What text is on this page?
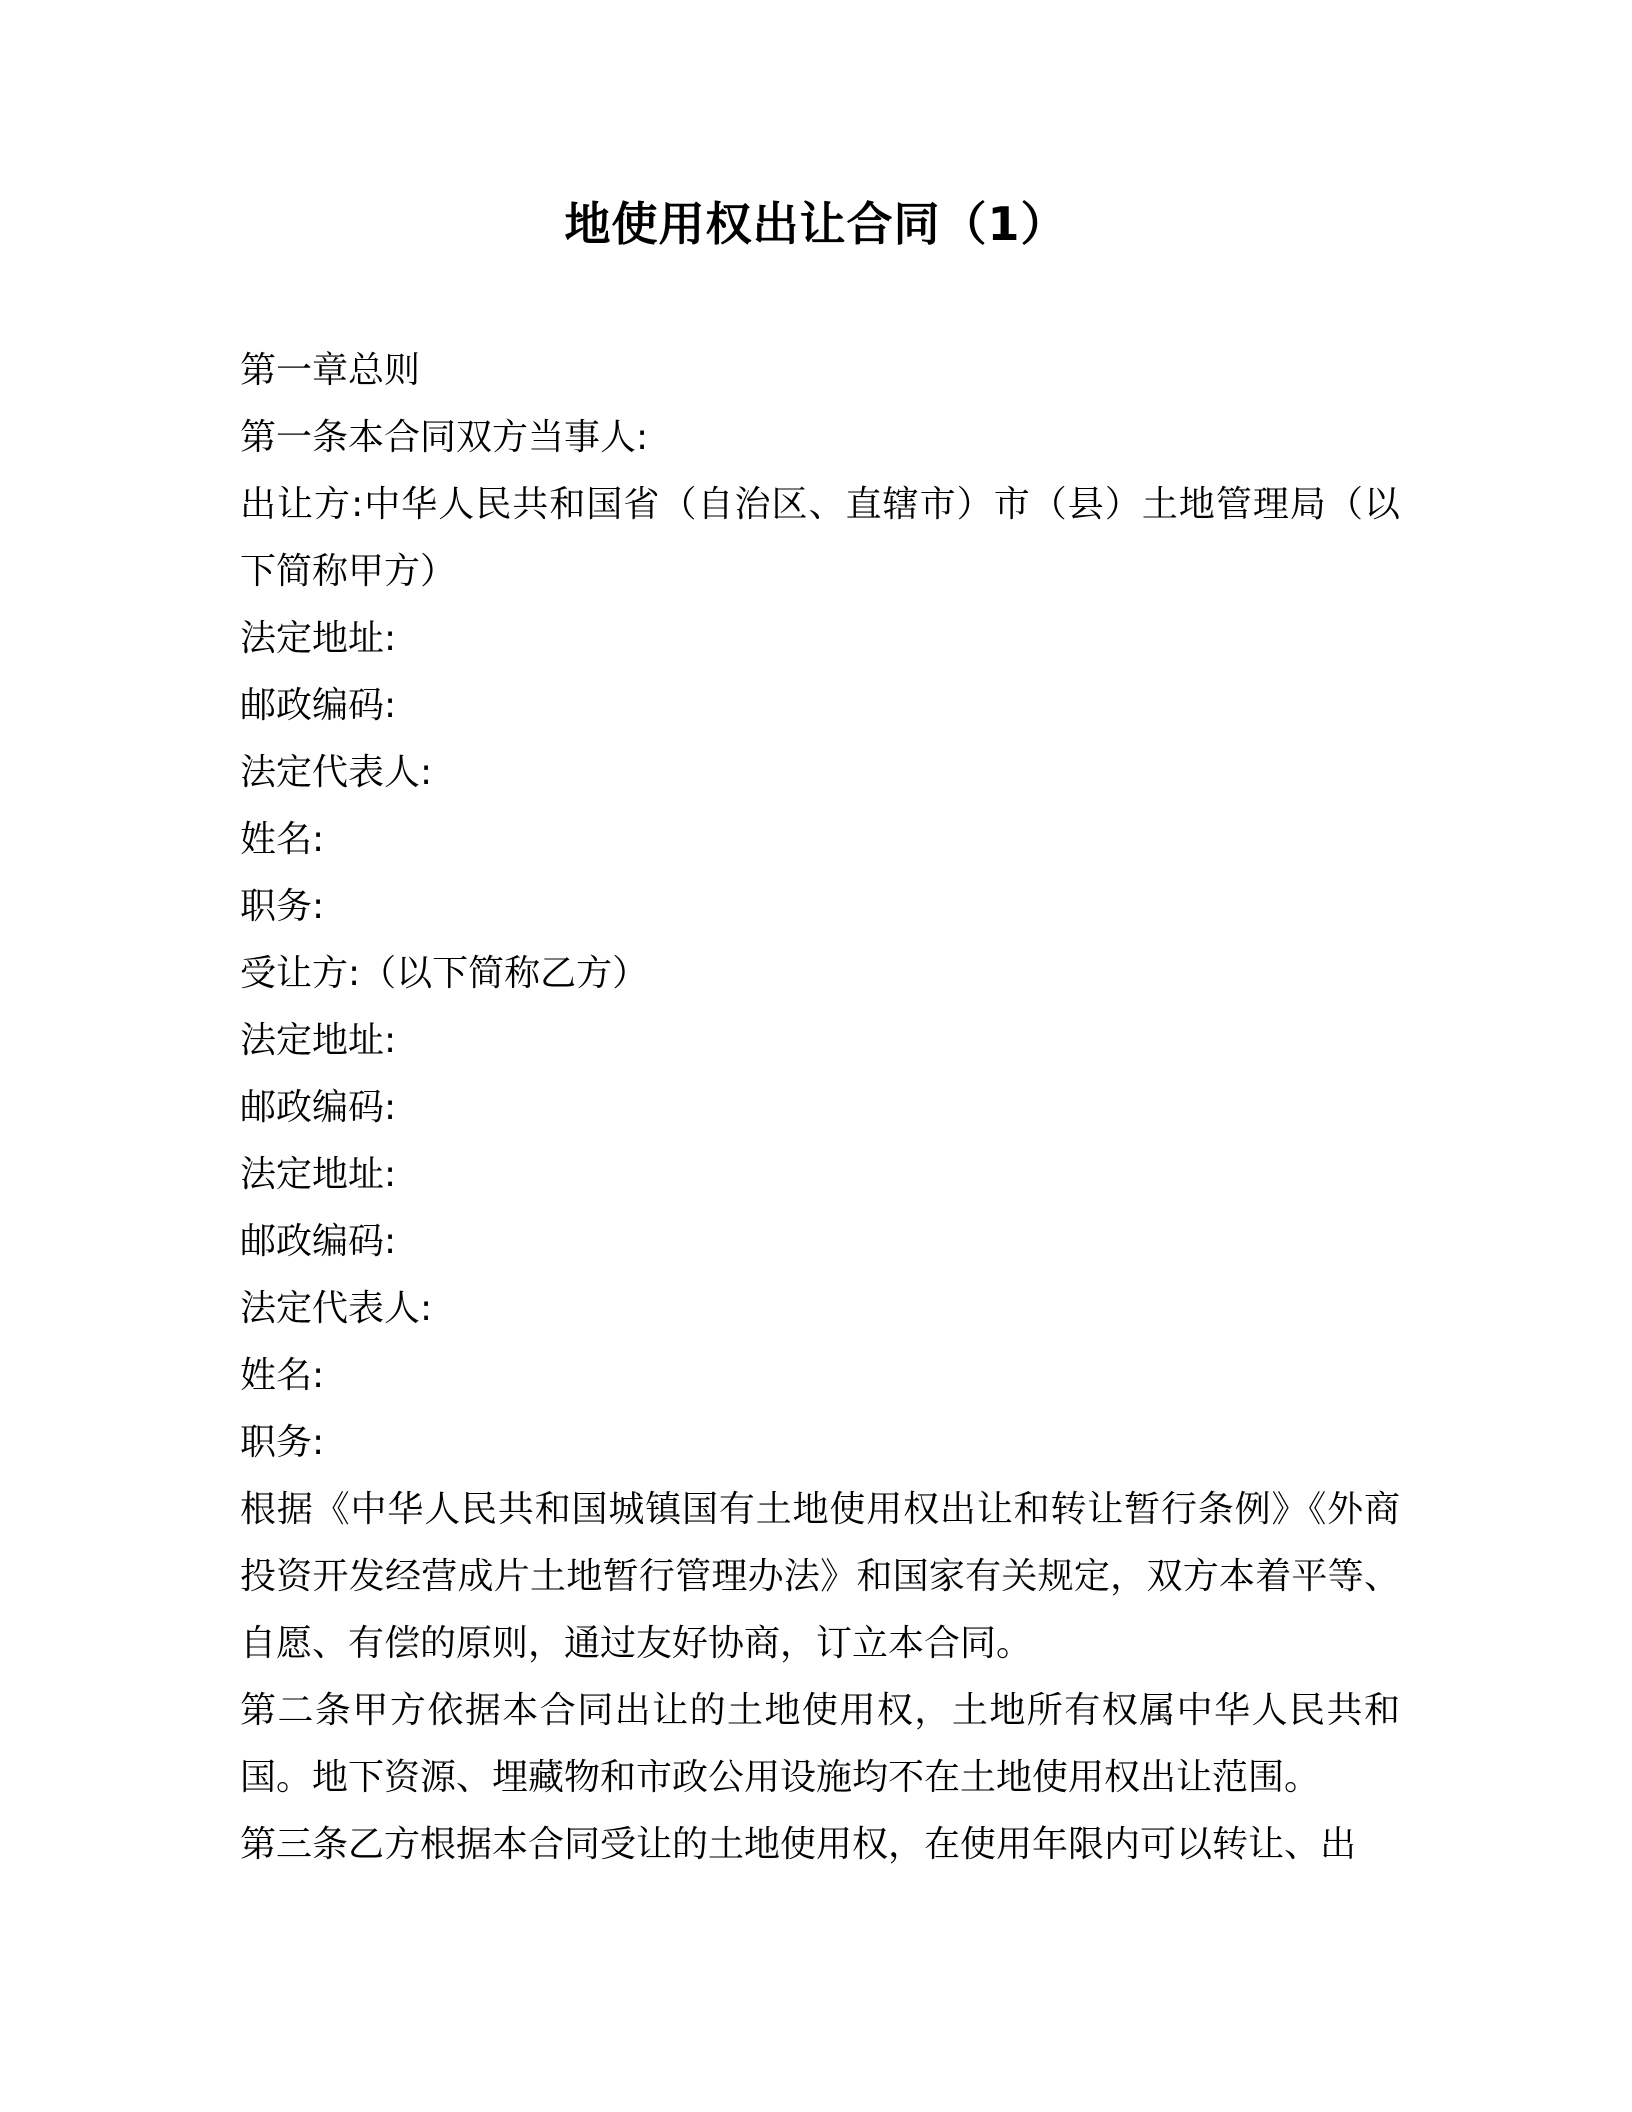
地使用权出让合同（1）

第一章总则

第一条本合同双方当事人:

出让方:中华人民共和国省（自治区、直辖市）市（县）土地管理局（以下简称甲方）

法定地址:

邮政编码:

法定代表人:

姓名:

职务:

受让方:（以下简称乙方）

法定地址:

邮政编码:

法定地址:

邮政编码:

法定代表人:

姓名:

职务:

根据《中华人民共和国城镇国有土地使用权出让和转让暂行条例》《外商投资开发经营成片土地暂行管理办法》和国家有关规定，双方本着平等、自愿、有偿的原则，通过友好协商，订立本合同。

第二条甲方依据本合同出让的土地使用权，土地所有权属中华人民共和国。地下资源、埋藏物和市政公用设施均不在土地使用权出让范围。

第三条乙方根据本合同受让的土地使用权，在使用年限内可以转让、出
